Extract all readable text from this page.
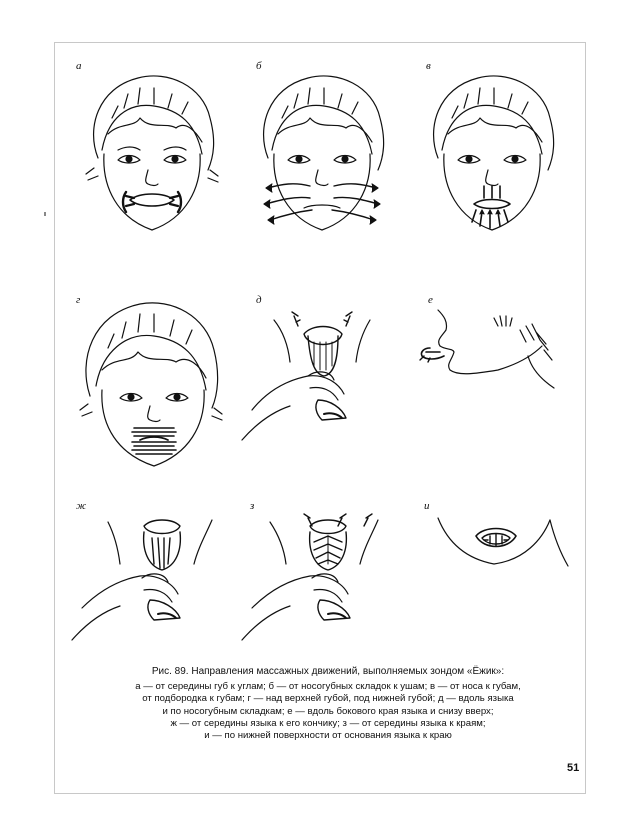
а	б	в
г	д	е
ж	з	и
Рис. 89. Направления массажных движений, выполняемых зондом «Ёжик»:
а — от середины губ к углам; б — от носогубных складок к ушам; в — от носа к губам,
от подбородка к губам; г — над верхней губой, под нижней губой; д — вдоль языка
и по носогубным складкам; е — вдоль бокового края языка и снизу вверх;
ж — от середины языка к его кончику; з — от середины языка к краям;
и — по нижней поверхности от основания языка к краю
51
